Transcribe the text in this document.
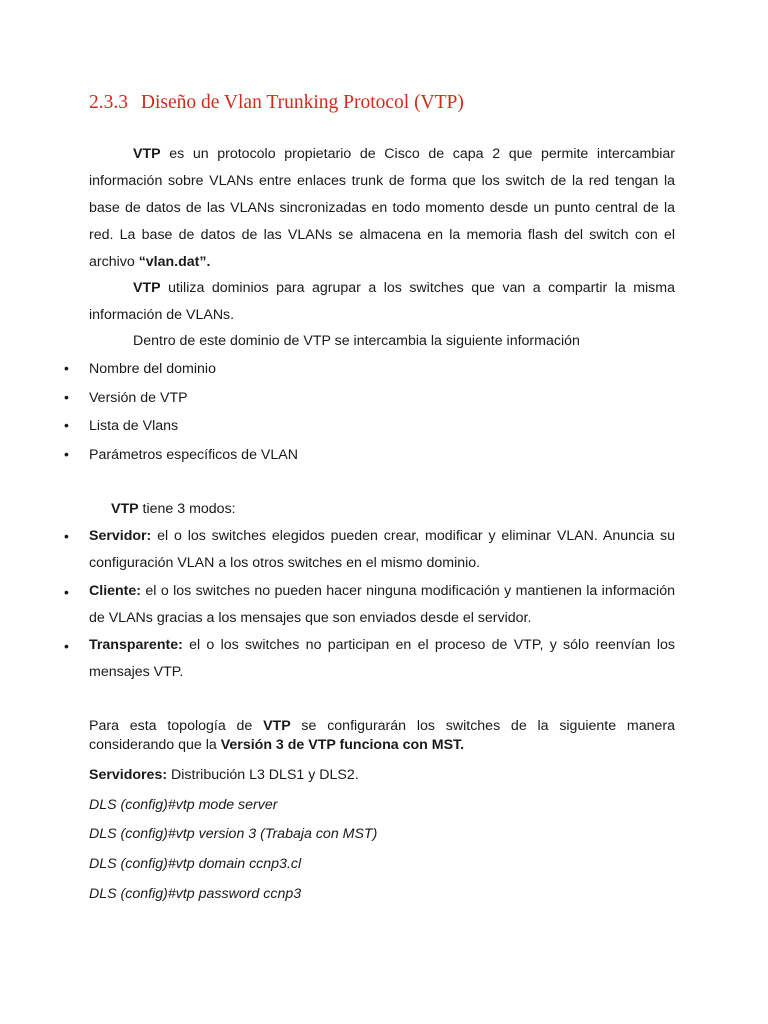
2.3.3 Diseño de Vlan Trunking Protocol (VTP)

VTP es un protocolo propietario de Cisco de capa 2 que permite intercambiar información sobre VLANs entre enlaces trunk de forma que los switch de la red tengan la base de datos de las VLANs sincronizadas en todo momento desde un punto central de la red. La base de datos de las VLANs se almacena en la memoria flash del switch con el archivo “vlan.dat”.

VTP utiliza dominios para agrupar a los switches que van a compartir la misma información de VLANs.

Dentro de este dominio de VTP se intercambia la siguiente información
• Nombre del dominio
• Versión de VTP
• Lista de Vlans
• Parámetros específicos de VLAN
VTP tiene 3 modos:
• Servidor: el o los switches elegidos pueden crear, modificar y eliminar VLAN. Anuncia su configuración VLAN a los otros switches en el mismo dominio.

• Cliente: el o los switches no pueden hacer ninguna modificación y mantienen la información de VLANs gracias a los mensajes que son enviados desde el servidor.

• Transparente: el o los switches no participan en el proceso de VTP, y sólo reenvían los mensajes VTP.

Para esta topología de VTP se configurarán los switches de la siguiente manera considerando que la Versión 3 de VTP funciona con MST.

Servidores: Distribución L3 DLS1 y DLS2.
DLS (config)#vtp mode server
DLS (config)#vtp version 3 (Trabaja con MST)
DLS (config)#vtp domain ccnp3.cl
DLS (config)#vtp password ccnp3
